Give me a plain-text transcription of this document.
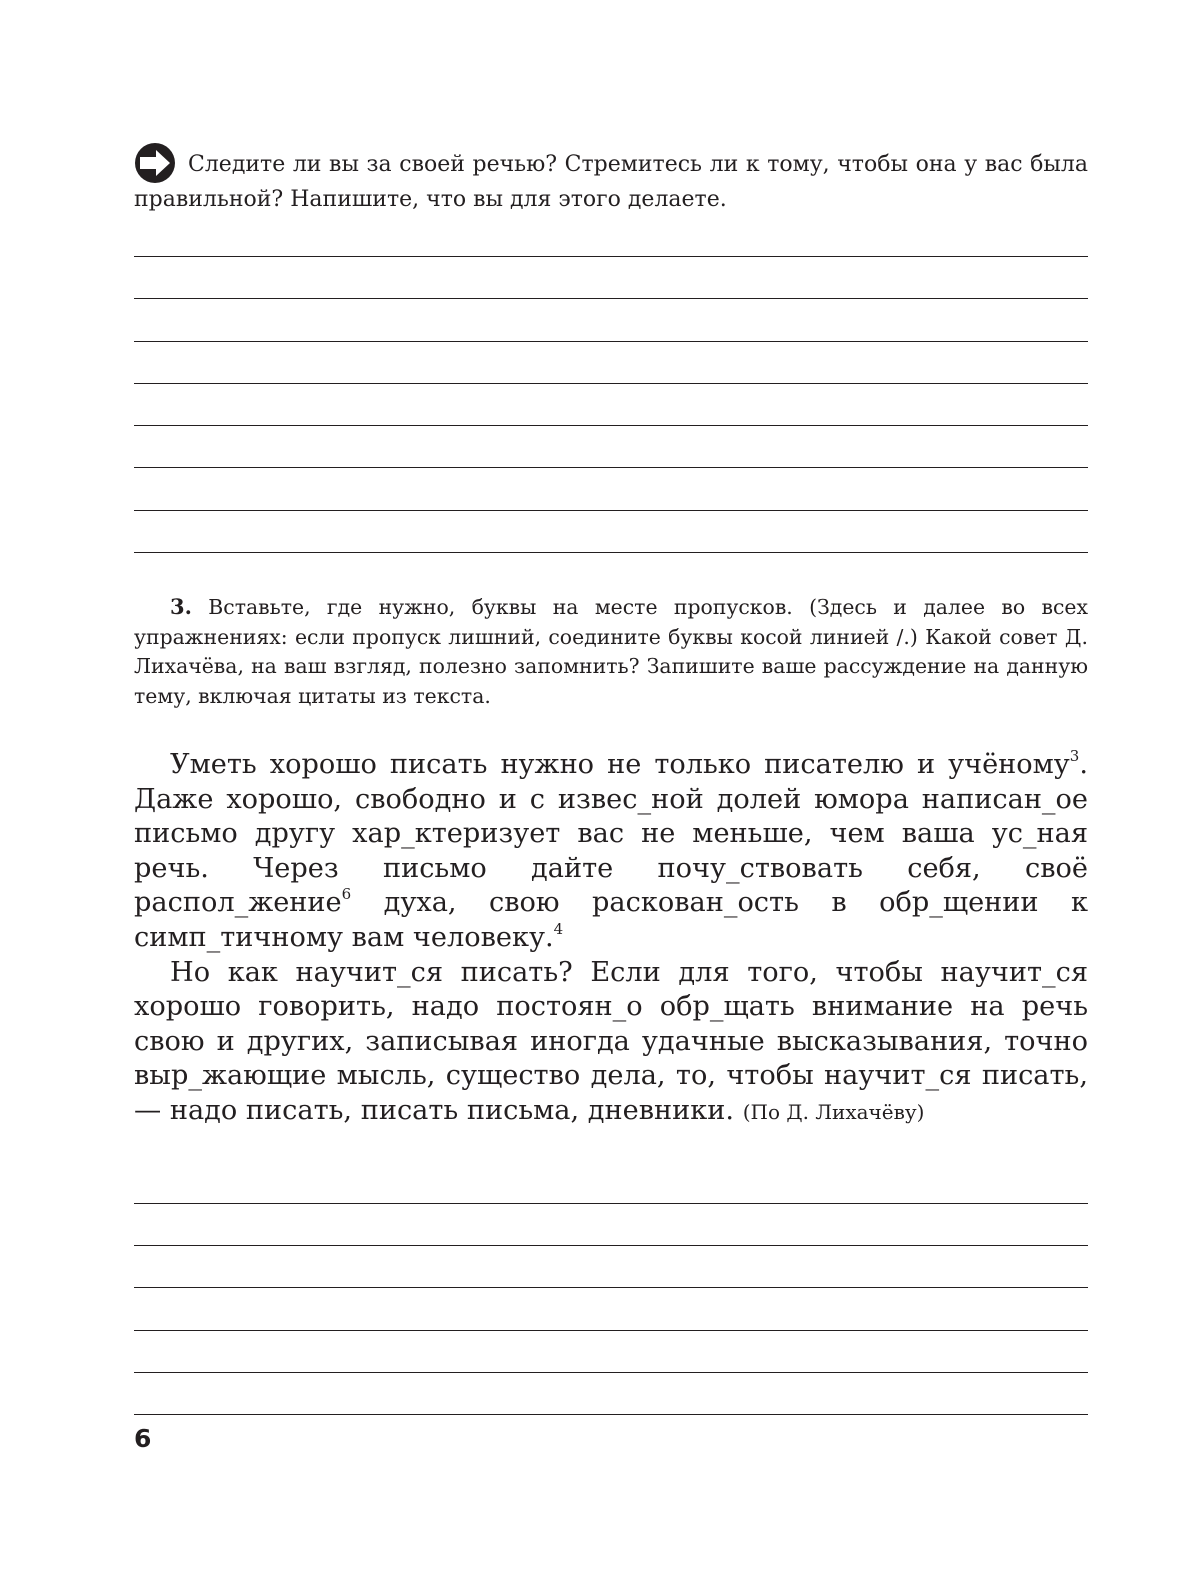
Следите ли вы за своей речью? Стремитесь ли к тому, чтобы она у вас была правильной? Напишите, что вы для этого делаете.

3. Вставьте, где нужно, буквы на месте пропусков. (Здесь и далее во всех упражнениях: если пропуск лишний, соедините буквы косой линией /.) Какой совет Д. Лихачёва, на ваш взгляд, полезно запомнить? Запишите ваше рассуждение на данную тему, включая цитаты из текста.

Уметь хорошо писать нужно не только писателю и учёному$^3$. Даже хорошо, свободно и с извес_ной долей юмора написан_ое письмо другу хар_ктеризует вас не меньше, чем ваша ус_ная речь. Через письмо дайте почу_ствовать себя, своё распол_жение$^6$ духа, свою раскован_ость в обр_щении к симп_тичному вам человеку.$^4$

Но как научит_ся писать? Если для того, чтобы научит_ся хорошо говорить, надо постоян_о обр_щать внимание на речь свою и других, записывая иногда удачные высказывания, точно выр_жающие мысль, существо дела, то, чтобы научит_ся писать, — надо писать, писать письма, дневники. (По Д. Лихачёву)

6
